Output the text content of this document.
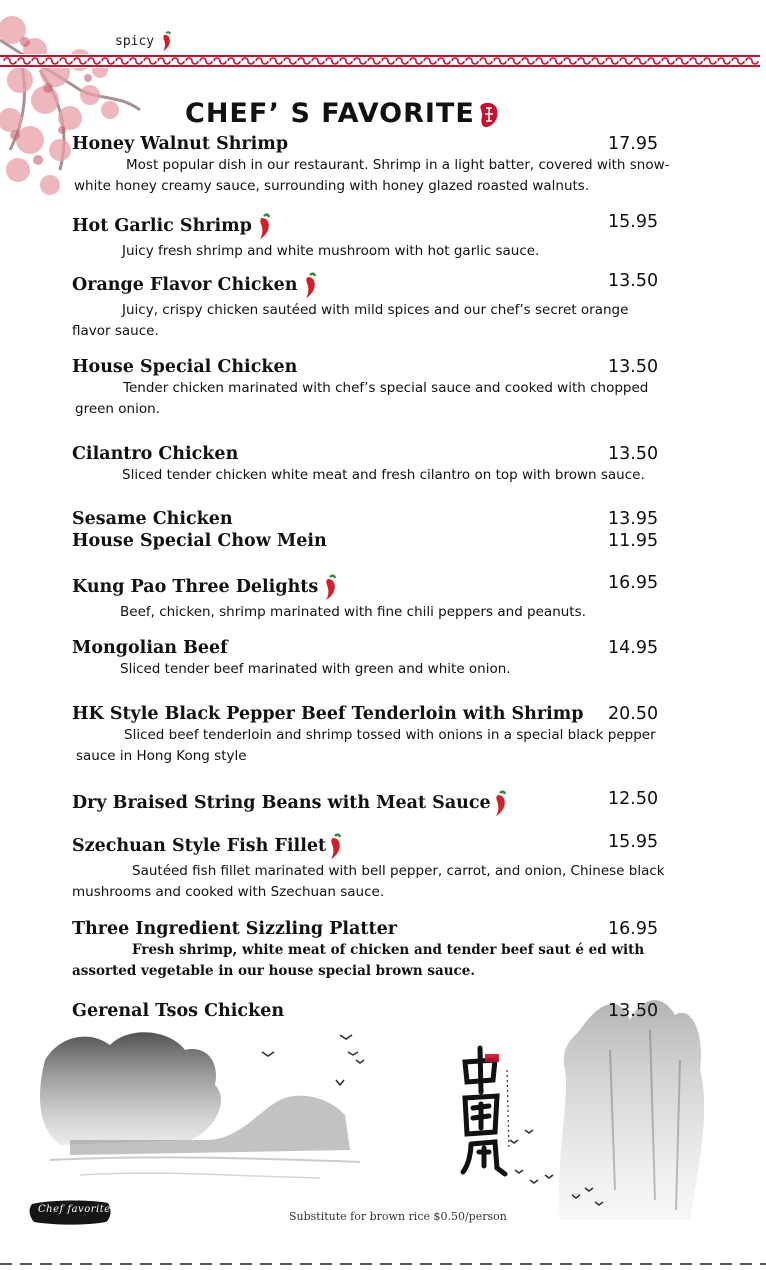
spicy
CHEF’ S FAVORITE
Honey Walnut Shrimp	17.95
Most popular dish in our restaurant. Shrimp in a light batter, covered with snow-white honey creamy sauce, surrounding with honey glazed roasted walnuts.
Hot Garlic Shrimp	15.95
Juicy fresh shrimp and white mushroom with hot garlic sauce.
Orange Flavor Chicken	13.50
Juicy, crispy chicken sautéed with mild spices and our chef’s secret orange flavor sauce.
House Special Chicken	13.50
Tender chicken marinated with chef’s special sauce and cooked with chopped green onion.
Cilantro Chicken	13.50
Sliced tender chicken white meat and fresh cilantro on top with brown sauce.
Sesame Chicken	13.95
House Special Chow Mein	11.95
Kung Pao Three Delights	16.95
Beef, chicken, shrimp marinated with fine chili peppers and peanuts.
Mongolian Beef	14.95
Sliced tender beef marinated with green and white onion.
HK Style Black Pepper Beef Tenderloin with Shrimp 20.50
Sliced beef tenderloin and shrimp tossed with onions in a special black pepper sauce in Hong Kong style
Dry Braised String Beans with Meat Sauce	12.50
Szechuan Style Fish Fillet	15.95
Sautéed fish fillet marinated with bell pepper, carrot, and onion, Chinese black mushrooms and cooked with Szechuan sauce.
Three Ingredient Sizzling Platter	16.95
Fresh shrimp, white meat of chicken and tender beef saut é ed with assorted vegetable in our house special brown sauce.
Chef favorite
Substitute for brown rice $0.50/person
Gerenal Tsos Chicken	13.50
